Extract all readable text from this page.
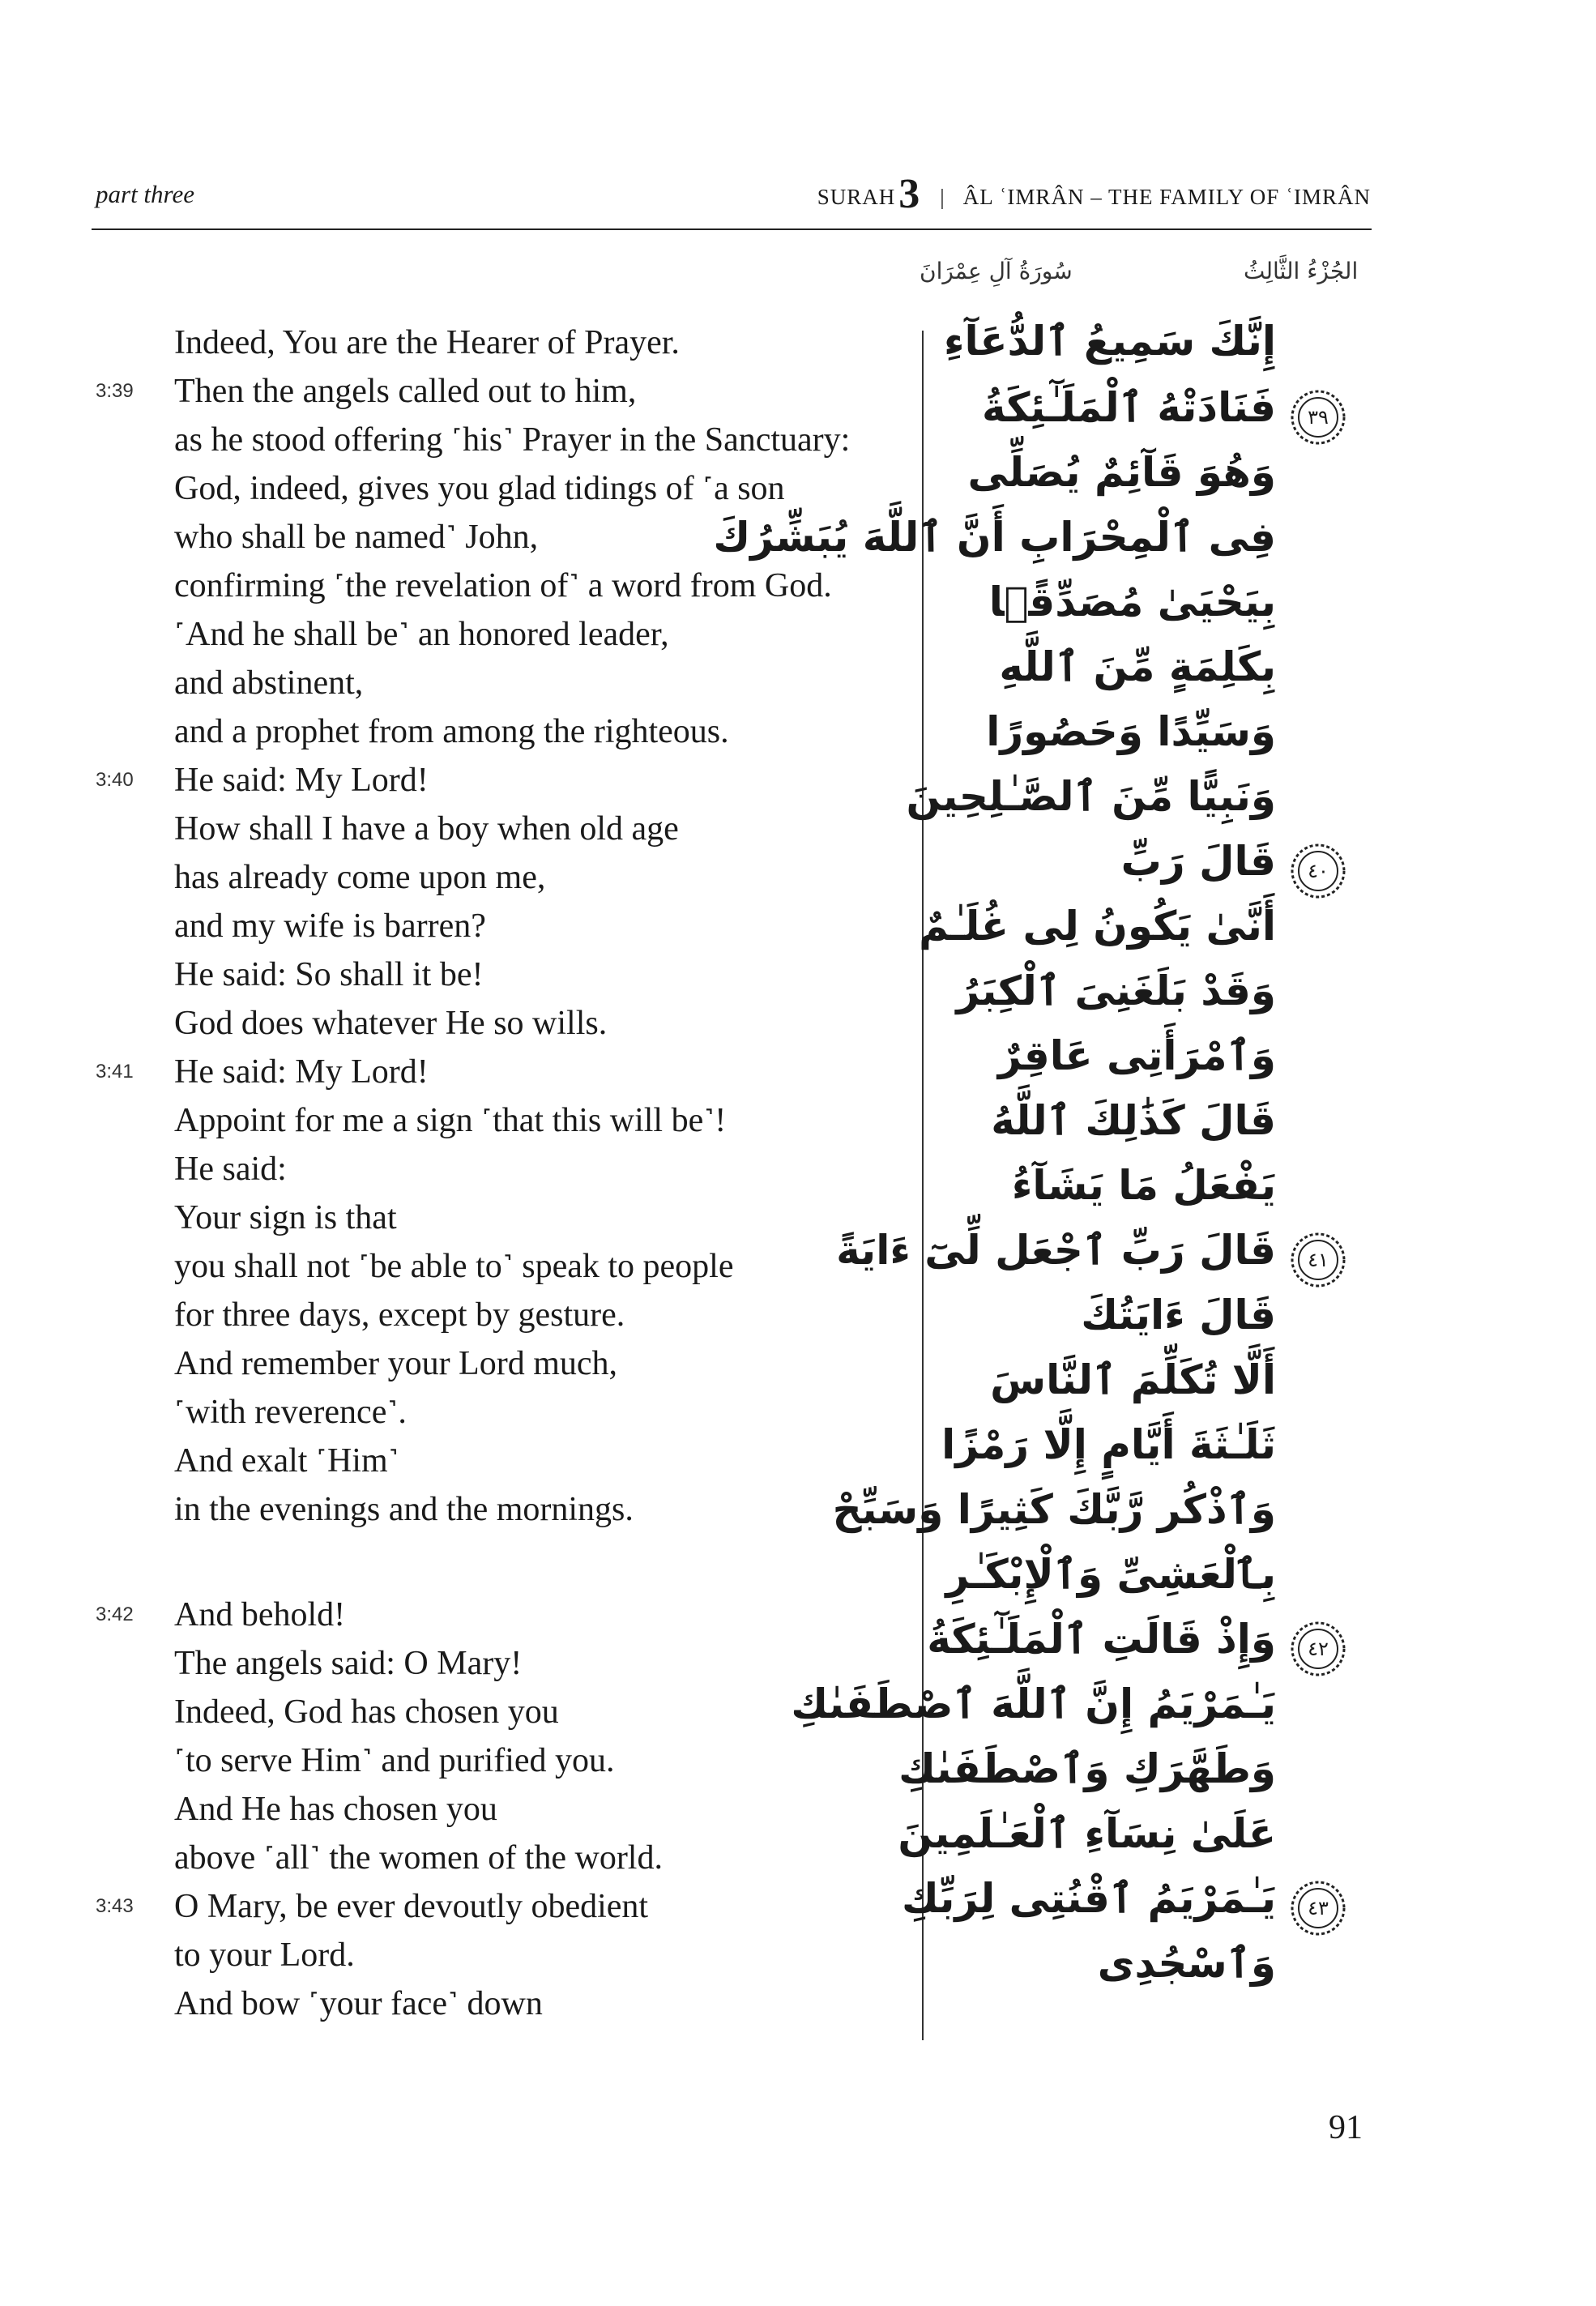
part three	SURAH3 | ÂL ʿIMRÂN – THE FAMILY OF ʿIMRÂN
الجُزْءُ الثَّالِثُ
سُورَةُ آلِ عِمْرَانَ
Indeed, You are the Hearer of Prayer.
Then the angels called out to him,
as he stood offering ˹his˺ Prayer in the Sanctuary:
God, indeed, gives you glad tidings of ˹a son
who shall be named˺ John,
confirming ˹the revelation of˺ a word from God.
˹And he shall be˺ an honored leader,
and abstinent,
and a prophet from among the righteous.
He said: My Lord!
How shall I have a boy when old age
has already come upon me,
and my wife is barren?
He said: So shall it be!
God does whatever He so wills.
He said: My Lord!
Appoint for me a sign ˹that this will be˺!
He said:
Your sign is that
you shall not ˹be able to˺ speak to people
for three days, except by gesture.
And remember your Lord much,
˹with reverence˺.
And exalt ˹Him˺
in the evenings and the mornings.
And behold!
The angels said: O Mary!
Indeed, God has chosen you
˹to serve Him˺ and purified you.
And He has chosen you
above ˹all˺ the women of the world.
O Mary, be ever devoutly obedient
to your Lord.
And bow ˹your face˺ down
3:39
3:40
3:41
3:42
3:43
إِنَّكَ سَمِيعُ ٱلدُّعَآءِ
فَنَادَتْهُ ٱلْمَلَـٰٓئِكَةُ
وَهُوَ قَآئِمٌ يُصَلِّى
فِى ٱلْمِحْرَابِ أَنَّ ٱللَّهَ يُبَشِّرُكَ
بِيَحْيَىٰ مُصَدِّقًۢا
بِكَلِمَةٍ مِّنَ ٱللَّهِ
وَسَيِّدًا وَحَصُورًا
وَنَبِيًّا مِّنَ ٱلصَّـٰلِحِينَ
قَالَ رَبِّ
أَنَّىٰ يَكُونُ لِى غُلَـٰمٌ
وَقَدْ بَلَغَنِىَ ٱلْكِبَرُ
وَٱمْرَأَتِى عَاقِرٌ
قَالَ كَذَٰلِكَ ٱللَّهُ
يَفْعَلُ مَا يَشَآءُ
قَالَ رَبِّ ٱجْعَل لِّىٓ ءَايَةً
قَالَ ءَايَتُكَ
أَلَّا تُكَلِّمَ ٱلنَّاسَ
ثَلَـٰثَةَ أَيَّامٍ إِلَّا رَمْزًا
وَٱذْكُر رَّبَّكَ كَثِيرًا وَسَبِّحْ
بِٱلْعَشِىِّ وَٱلْإِبْكَـٰرِ
وَإِذْ قَالَتِ ٱلْمَلَـٰٓئِكَةُ
يَـٰمَرْيَمُ إِنَّ ٱللَّهَ ٱصْطَفَىٰكِ
وَطَهَّرَكِ وَٱصْطَفَىٰكِ
عَلَىٰ نِسَآءِ ٱلْعَـٰلَمِينَ
يَـٰمَرْيَمُ ٱقْنُتِى لِرَبِّكِ
وَٱسْجُدِى
٣٩
٤٠
٤١
٤٢
٤٣
91
